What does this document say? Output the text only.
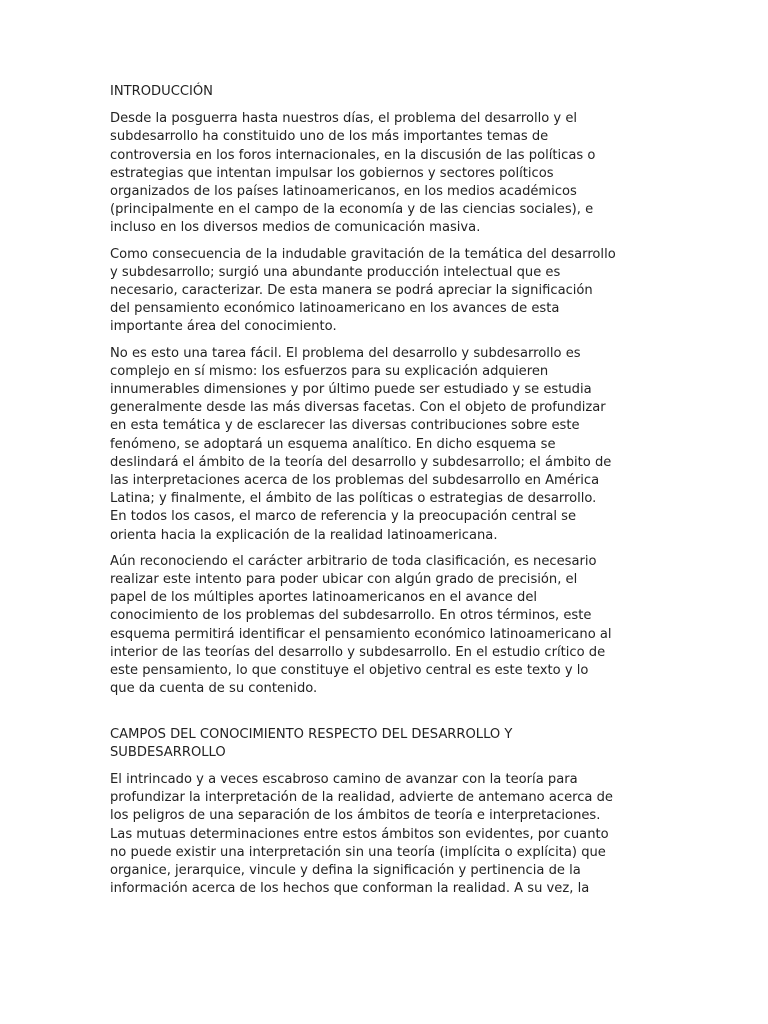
INTRODUCCIÓN
Desde la posguerra hasta nuestros días, el problema del desarrollo y el
subdesarrollo ha constituido uno de los más importantes temas de
controversia en los foros internacionales, en la discusión de las políticas o
estrategias que intentan impulsar los gobiernos y sectores políticos
organizados de los países latinoamericanos, en los medios académicos
(principalmente en el campo de la economía y de las ciencias sociales), e
incluso en los diversos medios de comunicación masiva.
Como consecuencia de la indudable gravitación de la temática del desarrollo
y subdesarrollo; surgió una abundante producción intelectual que es
necesario, caracterizar. De esta manera se podrá apreciar la significación
del pensamiento económico latinoamericano en los avances de esta
importante área del conocimiento.
No es esto una tarea fácil. El problema del desarrollo y subdesarrollo es
complejo en sí mismo: los esfuerzos para su explicación adquieren
innumerables dimensiones y por último puede ser estudiado y se estudia
generalmente desde las más diversas facetas. Con el objeto de profundizar
en esta temática y de esclarecer las diversas contribuciones sobre este
fenómeno, se adoptará un esquema analítico. En dicho esquema se
deslindará el ámbito de la teoría del desarrollo y subdesarrollo; el ámbito de
las interpretaciones acerca de los problemas del subdesarrollo en América
Latina; y finalmente, el ámbito de las políticas o estrategias de desarrollo.
En todos los casos, el marco de referencia y la preocupación central se
orienta hacia la explicación de la realidad latinoamericana.
Aún reconociendo el carácter arbitrario de toda clasificación, es necesario
realizar este intento para poder ubicar con algún grado de precisión, el
papel de los múltiples aportes latinoamericanos en el avance del
conocimiento de los problemas del subdesarrollo. En otros términos, este
esquema permitirá identificar el pensamiento económico latinoamericano al
interior de las teorías del desarrollo y subdesarrollo. En el estudio crítico de
este pensamiento, lo que constituye el objetivo central es este texto y lo
que da cuenta de su contenido.
CAMPOS DEL CONOCIMIENTO RESPECTO DEL DESARROLLO Y
SUBDESARROLLO
El intrincado y a veces escabroso camino de avanzar con la teoría para
profundizar la interpretación de la realidad, advierte de antemano acerca de
los peligros de una separación de los ámbitos de teoría e interpretaciones.
Las mutuas determinaciones entre estos ámbitos son evidentes, por cuanto
no puede existir una interpretación sin una teoría (implícita o explícita) que
organice, jerarquice, vincule y defina la significación y pertinencia de la
información acerca de los hechos que conforman la realidad. A su vez, la
